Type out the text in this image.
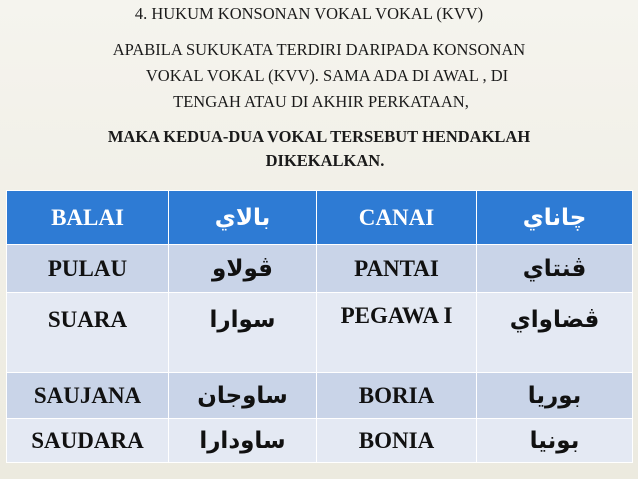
4. HUKUM KONSONAN VOKAL VOKAL (KVV)
APABILA SUKUKATA TERDIRI DARIPADA KONSONAN
VOKAL VOKAL (KVV). SAMA ADA DI AWAL , DI
TENGAH ATAU DI AKHIR PERKATAAN,
MAKA KEDUA-DUA VOKAL TERSEBUT HENDAKLAH
DIKEKALKAN.
BALAI	بالاي	CANAI	چاناي
PULAU	ڤولاو	PANTAI	ڤنتاي
SUARA	سوارا	PEGAWA I	ڤضاواي
SAUJANA	ساوجان	BORIA	بوريا
SAUDARA	ساودارا	BONIA	بونيا
